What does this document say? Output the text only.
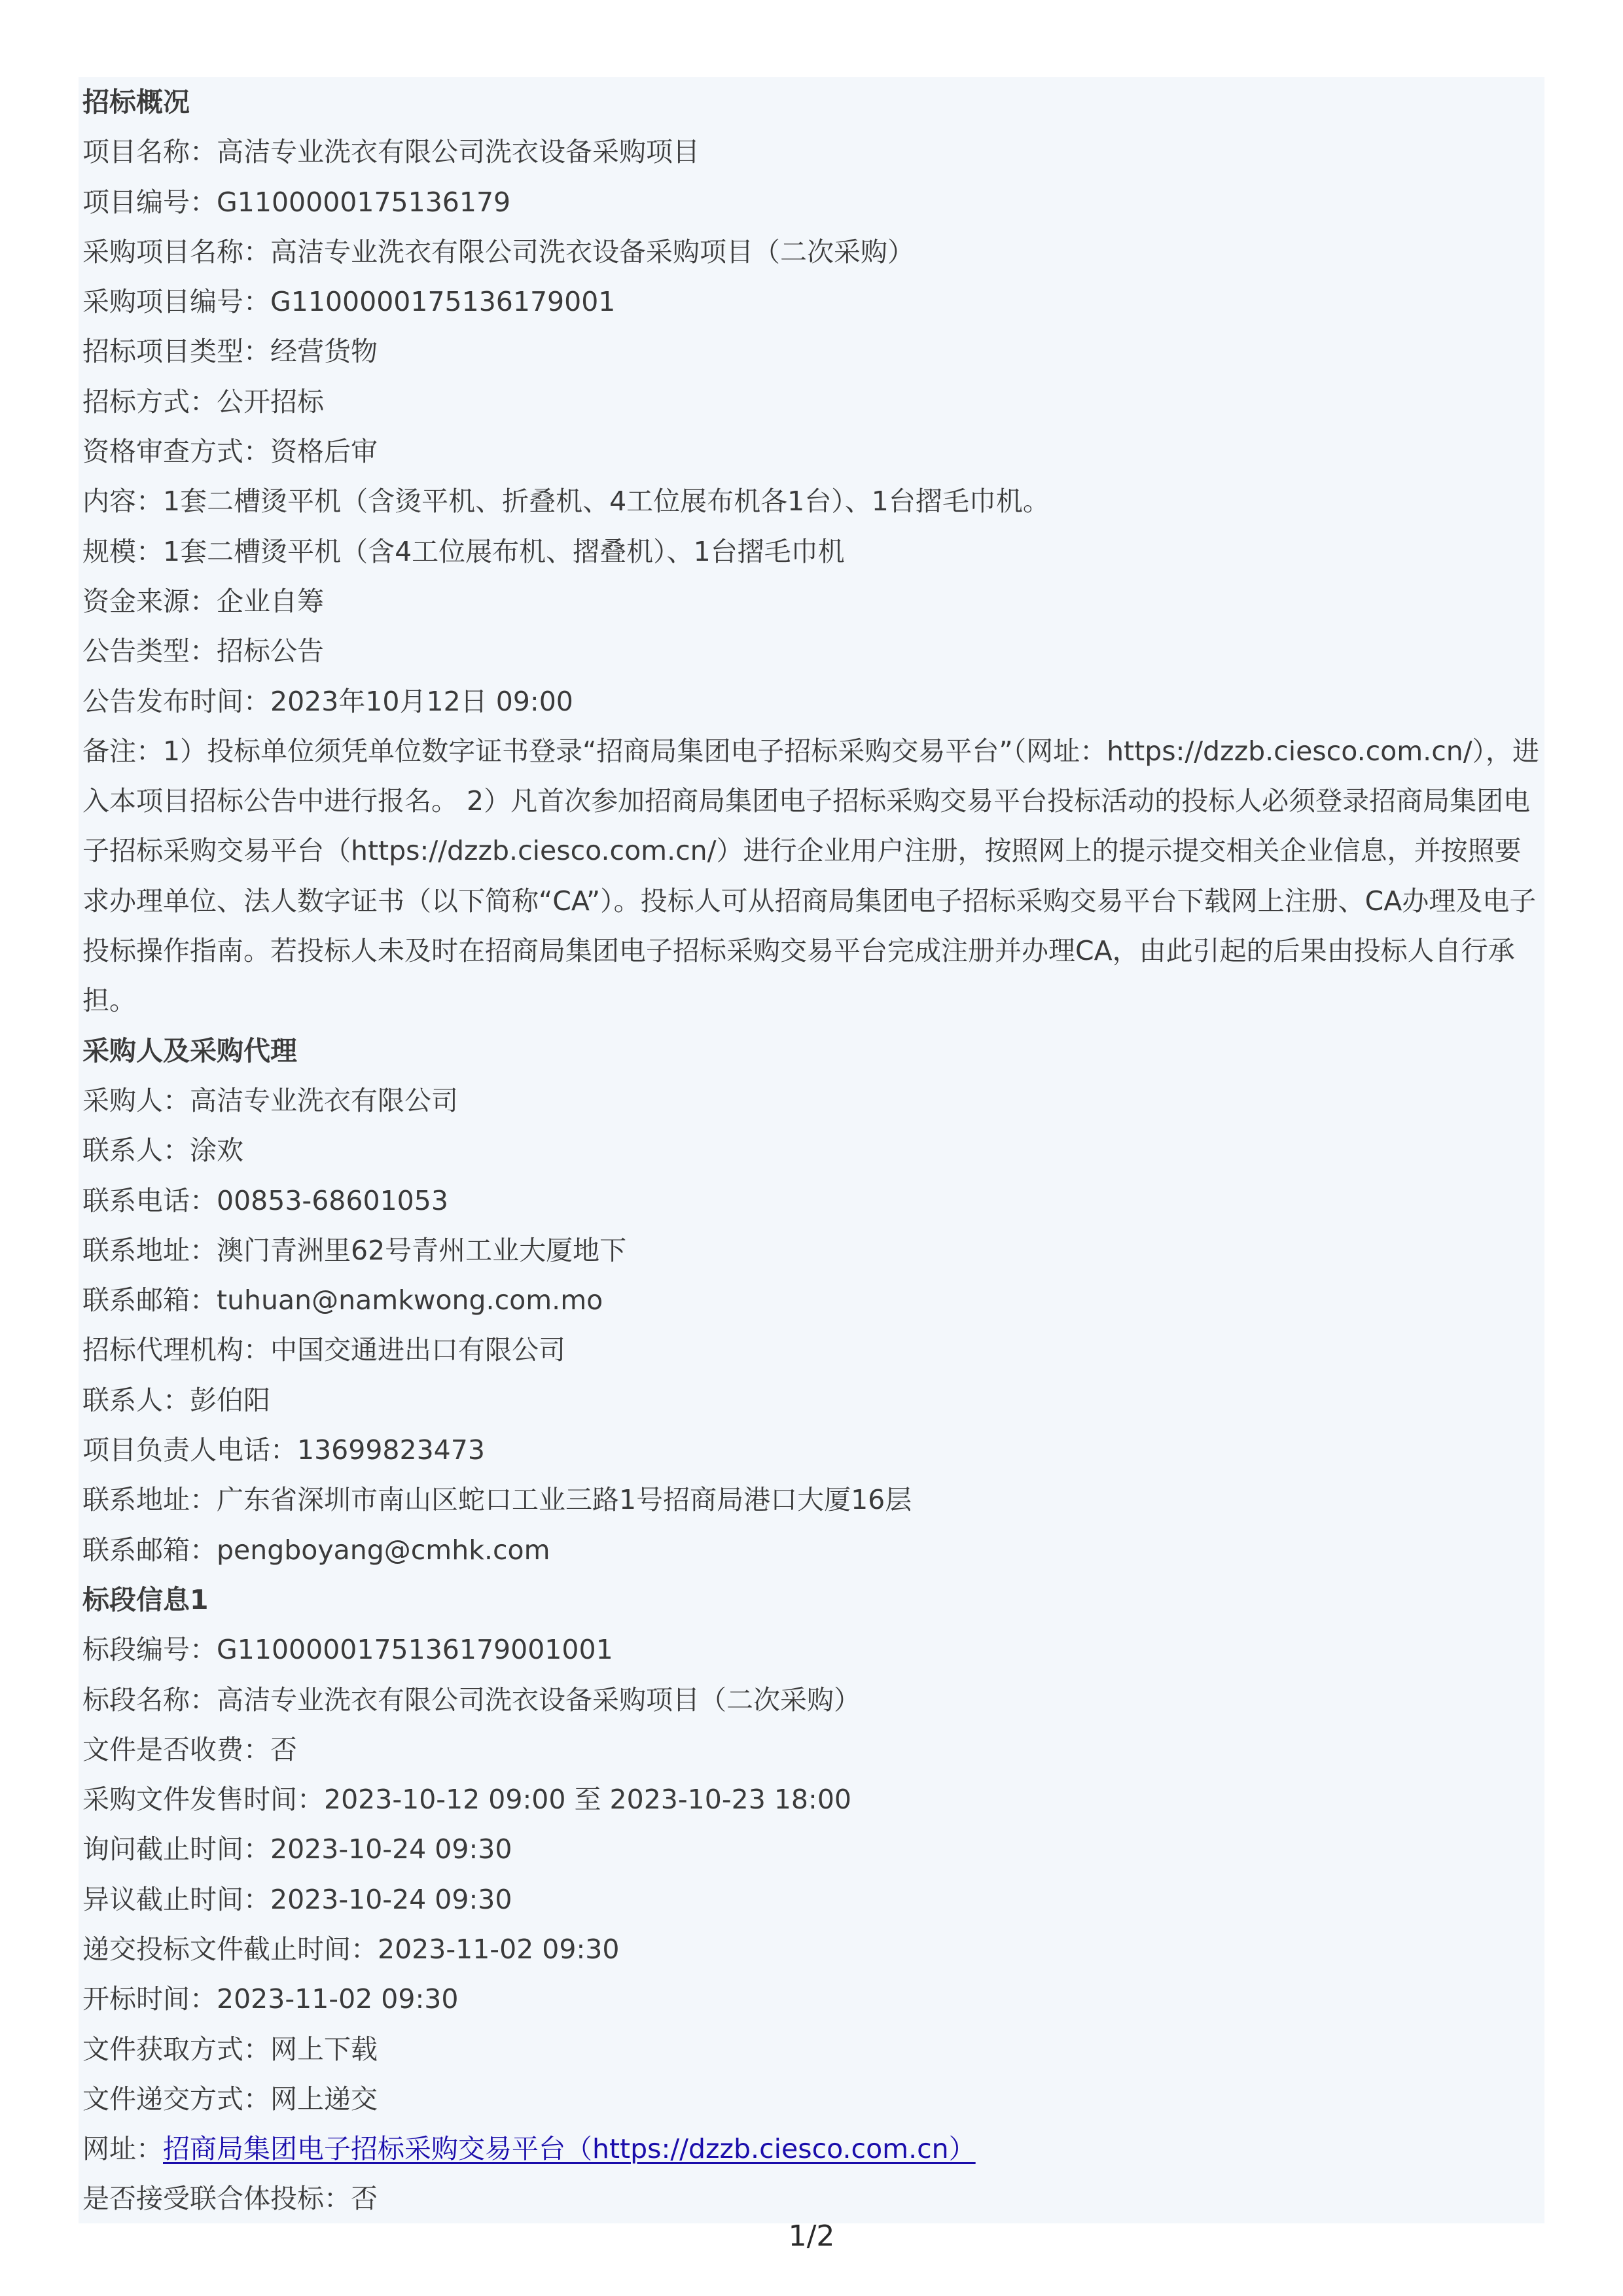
招标概况
项目名称：高洁专业洗衣有限公司洗衣设备采购项目
项目编号：G1100000175136179
采购项目名称：高洁专业洗衣有限公司洗衣设备采购项目（二次采购）
采购项目编号：G1100000175136179001
招标项目类型：经营货物
招标方式：公开招标
资格审查方式：资格后审
内容：1套二槽烫平机（含烫平机、折叠机、4工位展布机各1台）、1台摺毛巾机。
规模：1套二槽烫平机（含4工位展布机、摺叠机）、1台摺毛巾机
资金来源：企业自筹
公告类型：招标公告
公告发布时间：2023年10月12日 09:00
备注：1）投标单位须凭单位数字证书登录“招商局集团电子招标采购交易平台”（网址：https://dzzb.ciesco.com.cn/），进入本项目招标公告中进行报名。 2）凡首次参加招商局集团电子招标采购交易平台投标活动的投标人必须登录招商局集团电子招标采购交易平台（https://dzzb.ciesco.com.cn/）进行企业用户注册，按照网上的提示提交相关企业信息，并按照要求办理单位、法人数字证书（以下简称“CA”）。投标人可从招商局集团电子招标采购交易平台下载网上注册、CA办理及电子投标操作指南。若投标人未及时在招商局集团电子招标采购交易平台完成注册并办理CA，由此引起的后果由投标人自行承担。
采购人及采购代理
采购人：高洁专业洗衣有限公司
联系人：涂欢
联系电话：00853-68601053
联系地址：澳门青洲里62号青州工业大厦地下
联系邮箱：tuhuan@namkwong.com.mo
招标代理机构：中国交通进出口有限公司
联系人：彭伯阳
项目负责人电话：13699823473
联系地址：广东省深圳市南山区蛇口工业三路1号招商局港口大厦16层
联系邮箱：pengboyang@cmhk.com
标段信息1
标段编号：G1100000175136179001001
标段名称：高洁专业洗衣有限公司洗衣设备采购项目（二次采购）
文件是否收费：否
采购文件发售时间：2023-10-12 09:00 至 2023-10-23 18:00
询问截止时间：2023-10-24 09:30
异议截止时间：2023-10-24 09:30
递交投标文件截止时间：2023-11-02 09:30
开标时间：2023-11-02 09:30
文件获取方式：网上下载
文件递交方式：网上递交
网址：招商局集团电子招标采购交易平台（https://dzzb.ciesco.com.cn）
是否接受联合体投标：否
1/2
